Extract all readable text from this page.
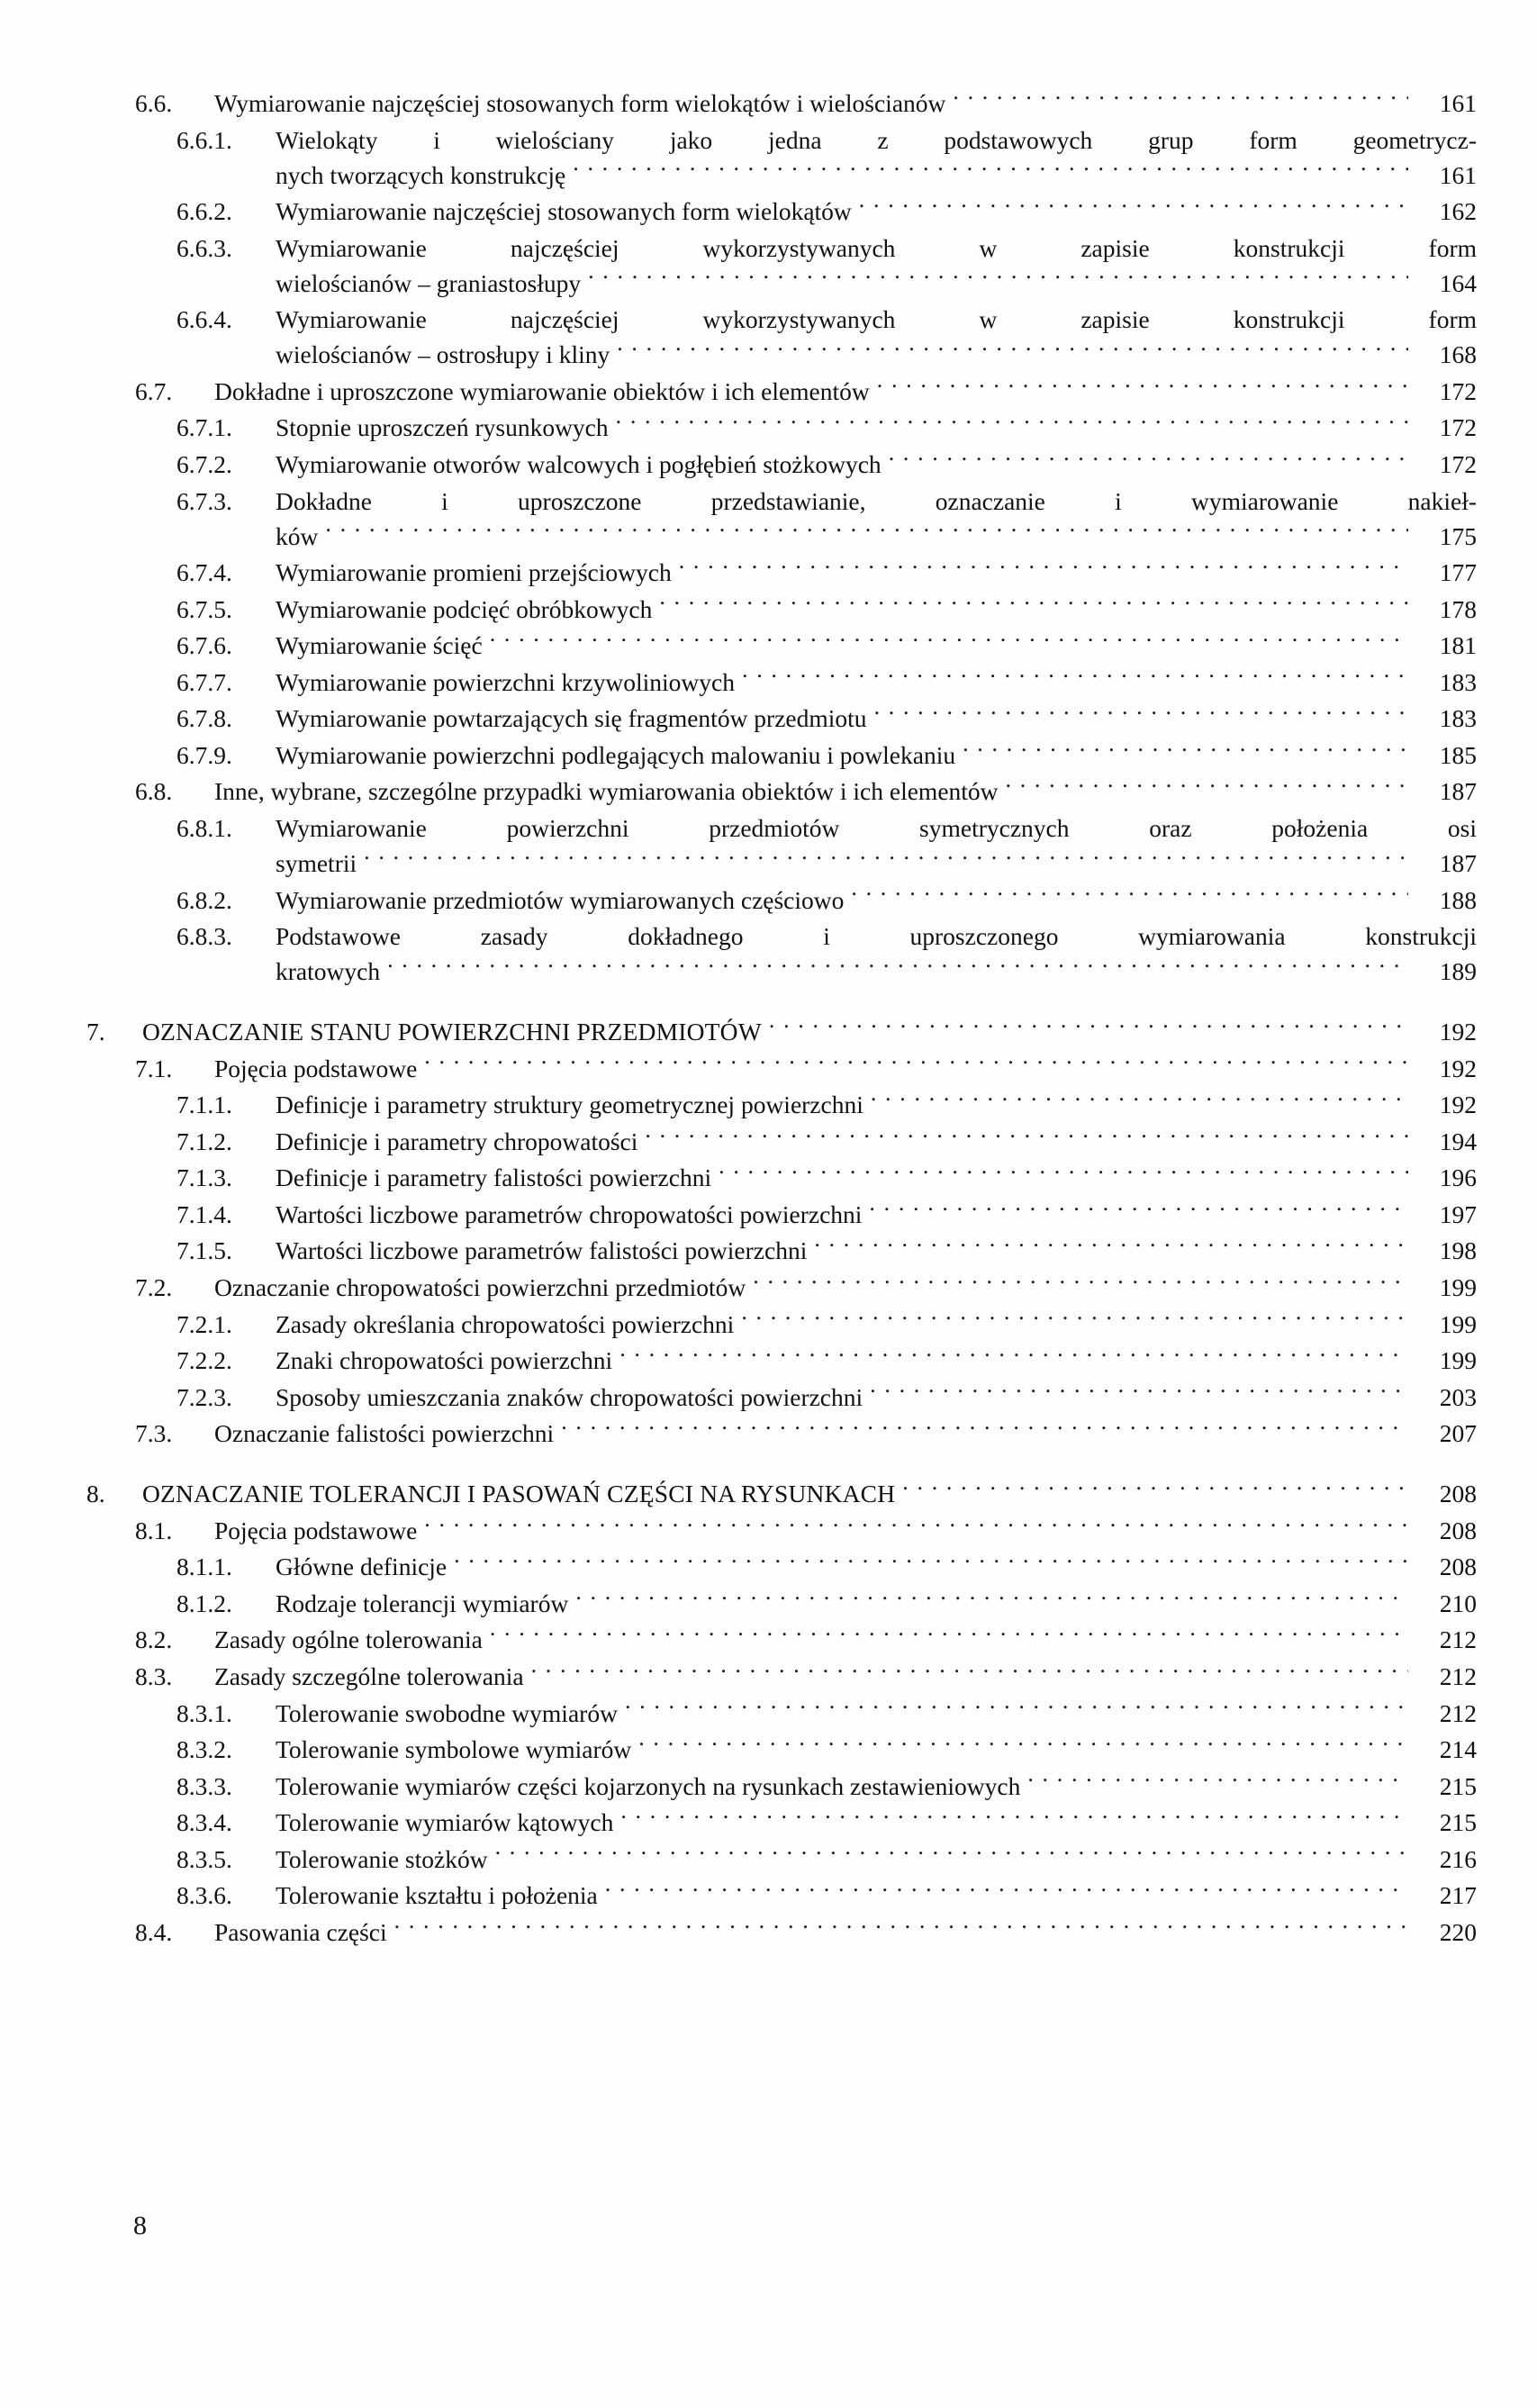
6.6.	Wymiarowanie najczęściej stosowanych form wielokątów i wielościanów . . .	161
6.6.1.	Wielokąty i wielościany jako jedna z podstawowych grup form geometrycz-
nych tworzących konstrukcję . . .	161
6.6.2.	Wymiarowanie najczęściej stosowanych form wielokątów . . .	162
6.6.3.	Wymiarowanie najczęściej wykorzystywanych w zapisie konstrukcji form
wielościanów – graniastosłupy . . .	164
6.6.4.	Wymiarowanie najczęściej wykorzystywanych w zapisie konstrukcji form
wielościanów – ostrosłupy i kliny . . .	168
6.7.	Dokładne i uproszczone wymiarowanie obiektów i ich elementów . . .	172
6.7.1.	Stopnie uproszczeń rysunkowych . . .	172
6.7.2.	Wymiarowanie otworów walcowych i pogłębień stożkowych . . .	172
6.7.3.	Dokładne i uproszczone przedstawianie, oznaczanie i wymiarowanie nakieł-
ków . . .	175
6.7.4.	Wymiarowanie promieni przejściowych . . .	177
6.7.5.	Wymiarowanie podcięć obróbkowych . . .	178
6.7.6.	Wymiarowanie ścięć . . .	181
6.7.7.	Wymiarowanie powierzchni krzywoliniowych . . .	183
6.7.8.	Wymiarowanie powtarzających się fragmentów przedmiotu . . .	183
6.7.9.	Wymiarowanie powierzchni podlegających malowaniu i powlekaniu . . .	185
6.8.	Inne, wybrane, szczególne przypadki wymiarowania obiektów i ich elementów . . .	187
6.8.1.	Wymiarowanie powierzchni przedmiotów symetrycznych oraz położenia osi
symetrii . . .	187
6.8.2.	Wymiarowanie przedmiotów wymiarowanych częściowo . . .	188
6.8.3.	Podstawowe zasady dokładnego i uproszczonego wymiarowania konstrukcji
kratowych . . .	189
7.	OZNACZANIE STANU POWIERZCHNI PRZEDMIOTÓW . . .	192
7.1.	Pojęcia podstawowe . . .	192
7.1.1.	Definicje i parametry struktury geometrycznej powierzchni . . .	192
7.1.2.	Definicje i parametry chropowatości . . .	194
7.1.3.	Definicje i parametry falistości powierzchni . . .	196
7.1.4.	Wartości liczbowe parametrów chropowatości powierzchni . . .	197
7.1.5.	Wartości liczbowe parametrów falistości powierzchni . . .	198
7.2.	Oznaczanie chropowatości powierzchni przedmiotów . . .	199
7.2.1.	Zasady określania chropowatości powierzchni . . .	199
7.2.2.	Znaki chropowatości powierzchni . . .	199
7.2.3.	Sposoby umieszczania znaków chropowatości powierzchni . . .	203
7.3.	Oznaczanie falistości powierzchni . . .	207
8.	OZNACZANIE TOLERANCJI I PASOWAŃ CZĘŚCI NA RYSUNKACH . . .	208
8.1.	Pojęcia podstawowe . . .	208
8.1.1.	Główne definicje . . .	208
8.1.2.	Rodzaje tolerancji wymiarów . . .	210
8.2.	Zasady ogólne tolerowania . . .	212
8.3.	Zasady szczególne tolerowania . . .	212
8.3.1.	Tolerowanie swobodne wymiarów . . .	212
8.3.2.	Tolerowanie symbolowe wymiarów . . .	214
8.3.3.	Tolerowanie wymiarów części kojarzonych na rysunkach zestawieniowych . . .	215
8.3.4.	Tolerowanie wymiarów kątowych . . .	215
8.3.5.	Tolerowanie stożków . . .	216
8.3.6.	Tolerowanie kształtu i położenia . . .	217
8.4.	Pasowania części . . .	220
8
